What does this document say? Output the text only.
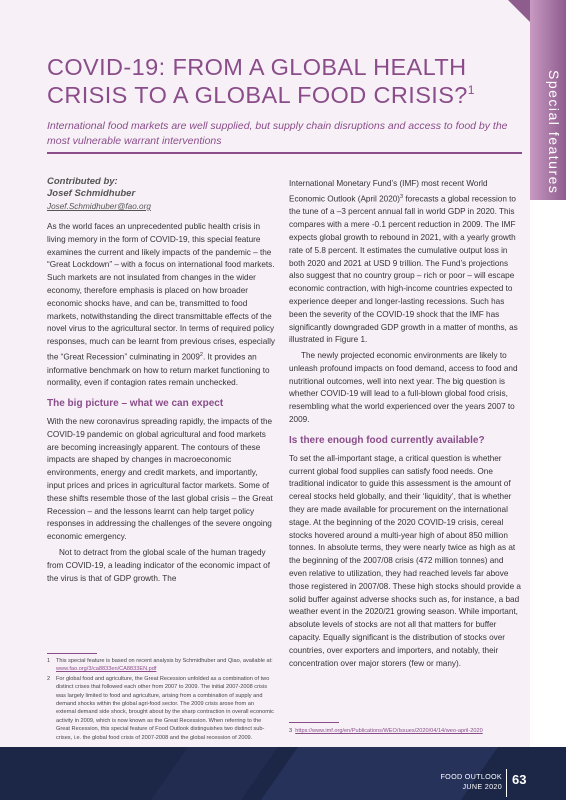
Special features
COVID-19: FROM A GLOBAL HEALTH CRISIS TO A GLOBAL FOOD CRISIS?$^1$
International food markets are well supplied, but supply chain disruptions and access to food by the most vulnerable warrant interventions
Contributed by:
Josef Schmidhuber
Josef.Schmidhuber@fao.org

As the world faces an unprecedented public health crisis in living memory in the form of COVID-19, this special feature examines the current and likely impacts of the pandemic – the “Great Lockdown” – with a focus on international food markets. Such markets are not insulated from changes in the wider economy, therefore emphasis is placed on how broader economic shocks have, and can be, transmitted to food markets, notwithstanding the direct transmittable effects of the novel virus to the agricultural sector. In terms of required policy responses, much can be learnt from previous crises, especially the “Great Recession” culminating in 2009$^2$. It provides an informative benchmark on how to return market functioning to normality, even if contagion rates remain unchecked.

The big picture – what we can expect

With the new coronavirus spreading rapidly, the impacts of the COVID-19 pandemic on global agricultural and food markets are becoming increasingly apparent. The contours of these impacts are shaped by changes in macroeconomic environments, energy and credit markets, and importantly, input prices and prices in agricultural factor markets. Some of these shifts resemble those of the last global crisis – the Great Recession – and the lessons learnt can help target policy responses in addressing the challenges of the severe ongoing economic emergency.

Not to detract from the global scale of the human tragedy from COVID-19, a leading indicator of the economic impact of the virus is that of GDP growth. The

1	This special feature is based on recent analysis by Schmidhuber and Qiao, available at: www.fao.org/3/ca8833en/CA8833EN.pdf
2	For global food and agriculture, the Great Recession unfolded as a combination of two distinct crises that followed each other from 2007 to 2009. The initial 2007-2008 crisis was largely limited to food and agriculture, arising from a combination of supply and demand shocks within the global agri-food sector. The 2009 crisis arose from an external demand side shock, brought about by the sharp contraction in overall economic activity in 2009, which is now known as the Great Recession. When referring to the Great Recession, this special feature of Food Outlook distinguishes two distinct sub-crises, i.e. the global food crisis of 2007-2008 and the global recession of 2009.

International Monetary Fund’s (IMF) most recent World Economic Outlook (April 2020)$^3$ forecasts a global recession to the tune of a –3 percent annual fall in world GDP in 2020. This compares with a mere -0.1 percent reduction in 2009. The IMF expects global growth to rebound in 2021, with a yearly growth rate of 5.8 percent. It estimates the cumulative output loss in both 2020 and 2021 at USD 9 trillion. The Fund’s projections also suggest that no country group – rich or poor – will escape economic contraction, with high-income countries expected to experience deeper and longer-lasting recessions. Such has been the severity of the COVID-19 shock that the IMF has significantly downgraded GDP growth in a matter of months, as illustrated in Figure 1.

The newly projected economic environments are likely to unleash profound impacts on food demand, access to food and nutritional outcomes, well into next year. The big question is whether COVID-19 will lead to a full-blown global food crisis, resembling what the world experienced over the years 2007 to 2009.

Is there enough food currently available?

To set the all-important stage, a critical question is whether current global food supplies can satisfy food needs. One traditional indicator to guide this assessment is the amount of cereal stocks held globally, and their ‘liquidity’, that is whether they are made available for procurement on the international stage. At the beginning of the 2020 COVID-19 crisis, cereal stocks hovered around a multi-year high of about 850 million tonnes. In absolute terms, they were nearly twice as high as at the beginning of the 2007/08 crisis (472 million tonnes) and even relative to utilization, they had reached levels far above those registered in 2007/08. These high stocks should provide a solid buffer against adverse shocks such as, for instance, a bad weather event in the 2020/21 growing season. While important, absolute levels of stocks are not all that matters for buffer capacity. Equally significant is the distribution of stocks over countries, over exporters and importers, and notably, their concentration over major storers (few or many).

3 https://www.imf.org/en/Publications/WEO/Issues/2020/04/14/weo-april-2020
FOOD OUTLOOK
JUNE 2020 63
